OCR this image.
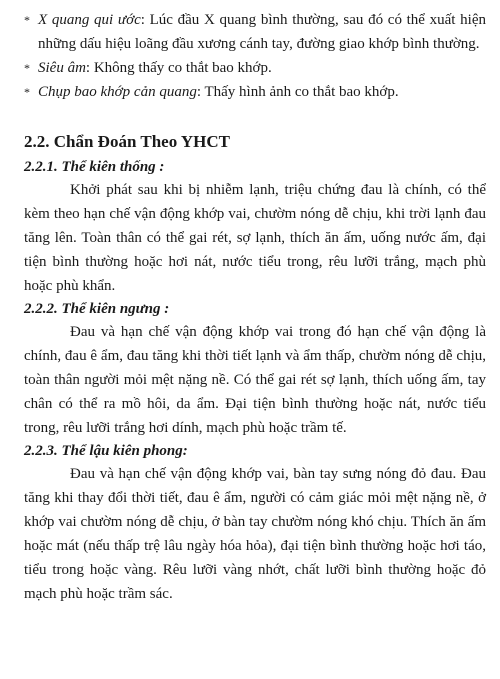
* X quang qui ước: Lúc đầu X quang bình thường, sau đó có thể xuất hiện những dấu hiệu loãng đầu xương cánh tay, đường giao khớp bình thường.

* Siêu âm: Không thấy co thắt bao khớp.

* Chụp bao khớp cản quang: Thấy hình ảnh co thắt bao khớp.

2.2. Chẩn Đoán Theo YHCT
2.2.1. Thể kiên thống :

Khởi phát sau khi bị nhiễm lạnh, triệu chứng đau là chính, có thể kèm theo hạn chế vận động khớp vai, chườm nóng dễ chịu, khi trời lạnh đau tăng lên. Toàn thân có thể gai rét, sợ lạnh, thích ăn ấm, uống nước ấm, đại tiện bình thường hoặc hơi nát, nước tiểu trong, rêu lưỡi trắng, mạch phù hoặc phù khẩn.

2.2.2. Thể kiên ngưng :

Đau và hạn chế vận động khớp vai trong đó hạn chế vận động là chính, đau ê ẩm, đau tăng khi thời tiết lạnh và ẩm thấp, chườm nóng dễ chịu, toàn thân người mỏi mệt nặng nề. Có thể gai rét sợ lạnh, thích uống ấm, tay chân có thể ra mồ hôi, da ẩm. Đại tiện bình thường hoặc nát, nước tiểu trong, rêu lưỡi trắng hơi dính, mạch phù hoặc trầm tế.

2.2.3. Thể lậu kiên phong:

Đau và hạn chế vận động khớp vai, bàn tay sưng nóng đỏ đau. Đau tăng khi thay đổi thời tiết, đau ê ẩm, người có cảm giác mỏi mệt nặng nề, ở khớp vai chườm nóng dễ chịu, ở bàn tay chườm nóng khó chịu. Thích ăn ấm hoặc mát (nếu thấp trệ lâu ngày hóa hỏa), đại tiện bình thường hoặc hơi táo, tiểu trong hoặc vàng. Rêu lưỡi vàng nhớt, chất lưỡi bình thường hoặc đỏ mạch phù hoặc trầm sác.
